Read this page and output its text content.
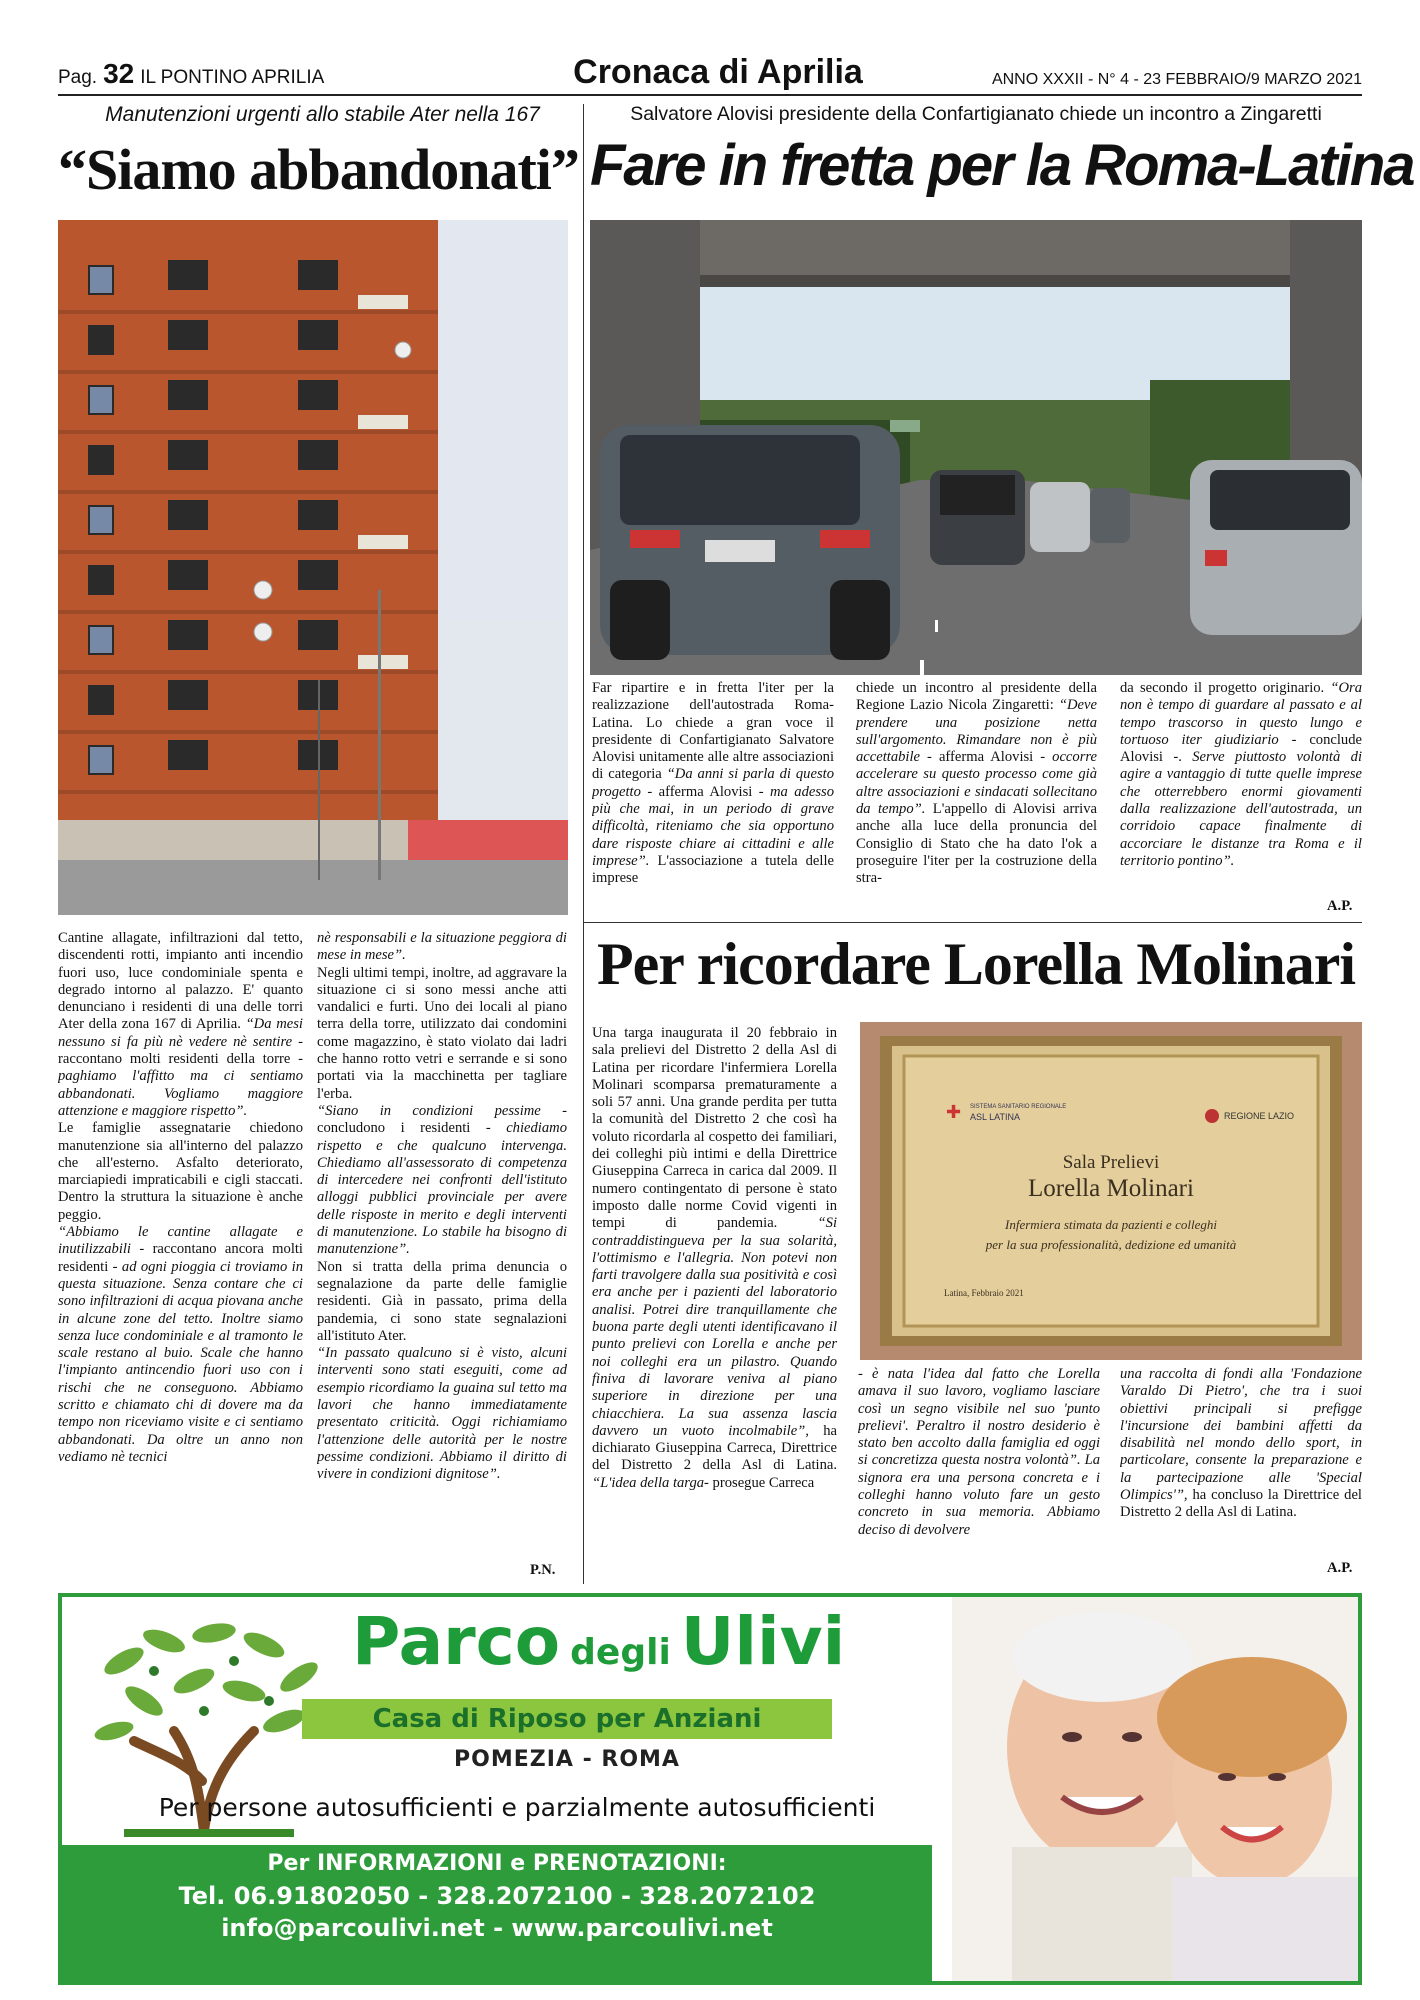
Pag. 32 IL PONTINO APRILIA	Cronaca di Aprilia	ANNO XXXII - N° 4 - 23 FEBBRAIO/9 MARZO 2021
Manutenzioni urgenti allo stabile Ater nella 167
“Siamo abbandonati”

Cantine allagate, infiltrazioni dal tetto, discendenti rotti, impianto anti incendio fuori uso, luce condominiale spenta e degrado intorno al palazzo. E' quanto denunciano i residenti di una delle torri Ater della zona 167 di Aprilia. “Da mesi nessuno si fa più nè vedere nè sentire - raccontano molti residenti della torre - paghiamo l'affitto ma ci sentiamo abbandonati. Vogliamo maggiore attenzione e maggiore rispetto”.

Le famiglie assegnatarie chiedono manutenzione sia all'interno del palazzo che all'esterno. Asfalto deteriorato, marciapiedi impraticabili e cigli staccati. Dentro la struttura la situazione è anche peggio.

“Abbiamo le cantine allagate e inutilizzabili - raccontano ancora molti residenti - ad ogni pioggia ci troviamo in questa situazione. Senza contare che ci sono infiltrazioni di acqua piovana anche in alcune zone del tetto. Inoltre siamo senza luce condominiale e al tramonto le scale restano al buio. Scale che hanno l'impianto antincendio fuori uso con i rischi che ne conseguono. Abbiamo scritto e chiamato chi di dovere ma da tempo non riceviamo visite e ci sentiamo abbandonati. Da oltre un anno non vediamo nè tecnici

nè responsabili e la situazione peggiora di mese in mese”.

Negli ultimi tempi, inoltre, ad aggravare la situazione ci si sono messi anche atti vandalici e furti. Uno dei locali al piano terra della torre, utilizzato dai condomini come magazzino, è stato violato dai ladri che hanno rotto vetri e serrande e si sono portati via la macchinetta per tagliare l'erba.

“Siano in condizioni pessime - concludono i residenti - chiediamo rispetto e che qualcuno intervenga. Chiediamo all'assessorato di competenza di intercedere nei confronti dell'istituto alloggi pubblici provinciale per avere delle risposte in merito e degli interventi di manutenzione. Lo stabile ha bisogno di manutenzione”.

Non si tratta della prima denuncia o segnalazione da parte delle famiglie residenti. Già in passato, prima della pandemia, ci sono state segnalazioni all'istituto Ater.

“In passato qualcuno si è visto, alcuni interventi sono stati eseguiti, come ad esempio ricordiamo la guaina sul tetto ma lavori che hanno immediatamente presentato criticità. Oggi richiamiamo l'attenzione delle autorità per le nostre pessime condizioni. Abbiamo il diritto di vivere in condizioni dignitose”.

P.N.
Salvatore Alovisi presidente della Confartigianato chiede un incontro a Zingaretti
Fare in fretta per la Roma-Latina

Far ripartire e in fretta l'iter per la realizzazione dell'autostrada Roma-Latina. Lo chiede a gran voce il presidente di Confartigianato Salvatore Alovisi unitamente alle altre associazioni di categoria “Da anni si parla di questo progetto - afferma Alovisi - ma adesso più che mai, in un periodo di grave difficoltà, riteniamo che sia opportuno dare risposte chiare ai cittadini e alle imprese”. L'associazione a tutela delle imprese

chiede un incontro al presidente della Regione Lazio Nicola Zingaretti: “Deve prendere una posizione netta sull'argomento. Rimandare non è più accettabile - afferma Alovisi - occorre accelerare su questo processo come già altre associazioni e sindacati sollecitano da tempo”. L'appello di Alovisi arriva anche alla luce della pronuncia del Consiglio di Stato che ha dato l'ok a proseguire l'iter per la costruzione della stra-

da secondo il progetto originario. “Ora non è tempo di guardare al passato e al tempo trascorso in questo lungo e tortuoso iter giudiziario - conclude Alovisi -. Serve piuttosto volontà di agire a vantaggio di tutte quelle imprese che otterrebbero enormi giovamenti dalla realizzazione dell'autostrada, un corridoio capace finalmente di accorciare le distanze tra Roma e il territorio pontino”.

A.P.
Per ricordare Lorella Molinari
✚ SISTEMA SANITARIO REGIONALE
ASL LATINA	REGIONE LAZIO
Sala Prelievi
Lorella Molinari
Infermiera stimata da pazienti e colleghi
per la sua professionalità, dedizione ed umanità
Latina, Febbraio 2021

Una targa inaugurata il 20 febbraio in sala prelievi del Distretto 2 della Asl di Latina per ricordare l'infermiera Lorella Molinari scomparsa prematuramente a soli 57 anni. Una grande perdita per tutta la comunità del Distretto 2 che così ha voluto ricordarla al cospetto dei familiari, dei colleghi più intimi e della Direttrice Giuseppina Carreca in carica dal 2009. Il numero contingentato di persone è stato imposto dalle norme Covid vigenti in tempi di pandemia. “Si contraddistingueva per la sua solarità, l'ottimismo e l'allegria. Non potevi non farti travolgere dalla sua positività e così era anche per i pazienti del laboratorio analisi. Potrei dire tranquillamente che buona parte degli utenti identificavano il punto prelievi con Lorella e anche per noi colleghi era un pilastro. Quando finiva di lavorare veniva al piano superiore in direzione per una chiacchiera. La sua assenza lascia davvero un vuoto incolmabile”, ha dichiarato Giuseppina Carreca, Direttrice del Distretto 2 della Asl di Latina. “L'idea della targa- prosegue Carreca

- è nata l'idea dal fatto che Lorella amava il suo lavoro, vogliamo lasciare così un segno visibile nel suo 'punto prelievi'. Peraltro il nostro desiderio è stato ben accolto dalla famiglia ed oggi si concretizza questa nostra volontà”. La signora era una persona concreta e i colleghi hanno voluto fare un gesto concreto in sua memoria. Abbiamo deciso di devolvere

una raccolta di fondi alla 'Fondazione Varaldo Di Pietro', che tra i suoi obiettivi principali si prefigge l'incursione dei bambini affetti da disabilità nel mondo dello sport, in particolare, consente la preparazione e la partecipazione alle 'Special Olimpics'”, ha concluso la Direttrice del Distretto 2 della Asl di Latina.

A.P.
Parco degli Ulivi
Casa di Riposo per Anziani
POMEZIA - ROMA
Per persone autosufficienti e parzialmente autosufficienti
Per INFORMAZIONI e PRENOTAZIONI:
Tel. 06.91802050 - 328.2072100 - 328.2072102
info@parcoulivi.net - www.parcoulivi.net
